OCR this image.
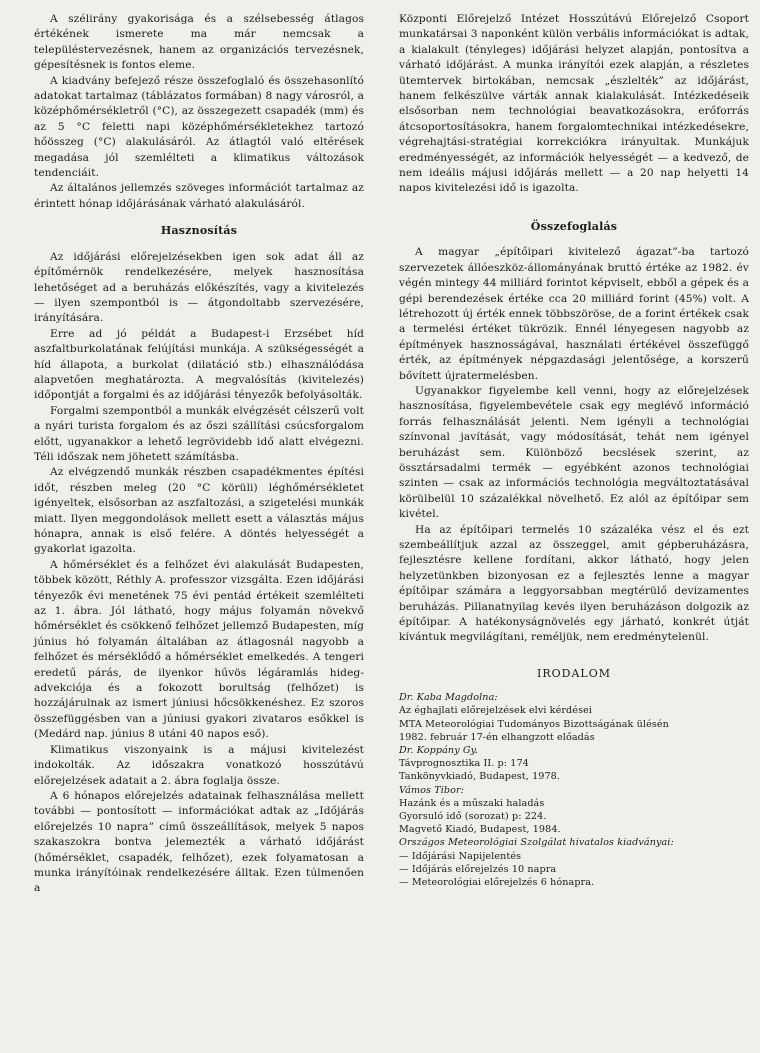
A szélirány gyakorisága és a szélsebesség átlagos értékének ismerete ma már nemcsak a településtervezésnek, hanem az organizációs tervezésnek, gépesítésnek is fontos eleme.

A kiadvány befejező része összefoglaló és összehasonlító adatokat tartalmaz (táblázatos formában) 8 nagy városról, a középhőmérsékletről (°C), az összegezett csapadék (mm) és az 5 °C feletti napi középhőmérsékletekhez tartozó hőösszeg (°C) alakulásáról. Az átlagtól való eltérések megadása jól szemlélteti a klimatikus változások tendenciáit.

Az általános jellemzés szöveges információt tartalmaz az érintett hónap időjárásának várható alakulásáról.

Hasznosítás

Az időjárási előrejelzésekben igen sok adat áll az építőmérnök rendelkezésére, melyek hasznosítása lehetőséget ad a beruházás előkészítés, vagy a kivitelezés — ilyen szempontból is — átgondoltabb szervezésére, irányítására.

Erre ad jó példát a Budapest-i Erzsébet híd aszfaltburkolatának felújítási munkája. A szükségességét a híd állapota, a burkolat (dilatáció stb.) elhasználódása alapvetően meghatározta. A megvalósítás (kivitelezés) időpontját a forgalmi és az időjárási tényezők befolyásolták.

Forgalmi szempontból a munkák elvégzését célszerű volt a nyári turista forgalom és az őszi szállítási csúcsforgalom előtt, ugyanakkor a lehető legrövidebb idő alatt elvégezni. Téli időszak nem jöhetett számításba.

Az elvégzendő munkák részben csapadékmentes építési időt, részben meleg (20 °C körüli) léghőmérsékletet igényeltek, elsősorban az aszfaltozási, a szigetelési munkák miatt. Ilyen meggondolások mellett esett a választás május hónapra, annak is első felére. A döntés helyességét a gyakorlat igazolta.

A hőmérséklet és a felhőzet évi alakulását Budapesten, többek között, Réthly A. professzor vizsgálta. Ezen időjárási tényezők évi menetének 75 évi pentád értékeit szemlélteti az 1. ábra. Jól látható, hogy május folyamán növekvő hőmérséklet és csökkenő felhőzet jellemző Budapesten, míg június hó folyamán általában az átlagosnál nagyobb a felhőzet és mérséklődő a hőmérséklet emelkedés. A tengeri eredetű párás, de ilyenkor hűvös légáramlás hideg-advekciója és a fokozott borultság (felhőzet) is hozzájárulnak az ismert júniusi hőcsökkenéshez. Ez szoros összefüggésben van a júniusi gyakori zivataros esőkkel is (Medárd nap. június 8 utáni 40 napos eső).

Klimatikus viszonyaink is a májusi kivitelezést indokolták. Az időszakra vonatkozó hosszútávú előrejelzések adatait a 2. ábra foglalja össze.

A 6 hónapos előrejelzés adatainak felhasználása mellett további — pontosított — információkat adtak az „Időjárás előrejelzés 10 napra” című összeállítások, melyek 5 napos szakaszokra bontva jelemezték a várható időjárást (hőmérséklet, csapadék, felhőzet), ezek folyamatosan a munka irányítóinak rendelkezésére álltak. Ezen túlmenően a

Központi Előrejelző Intézet Hosszútávú Előrejelző Csoport munkatársai 3 naponként külön verbális információkat is adtak, a kialakult (tényleges) időjárási helyzet alapján, pontosítva a várható időjárást. A munka irányítói ezek alapján, a részletes ütemtervek birtokában, nemcsak „észlelték” az időjárást, hanem felkészülve várták annak kialakulását. Intézkedéseik elsősorban nem technológiai beavatkozásokra, erőforrás átcsoportosításokra, hanem forgalomtechnikai intézkedésekre, végrehajtási-stratégiai korrekciókra irányultak. Munkájuk eredményességét, az információk helyességét — a kedvező, de nem ideális májusi időjárás mellett — a 20 nap helyetti 14 napos kivitelezési idő is igazolta.

Összefoglalás

A magyar „építőipari kivitelező ágazat”-ba tartozó szervezetek állóeszköz-állományának bruttó értéke az 1982. év végén mintegy 44 milliárd forintot képviselt, ebből a gépek és a gépi berendezések értéke cca 20 milliárd forint (45%) volt. A létrehozott új érték ennek többszöröse, de a forint értékek csak a termelési értéket tükrözik. Ennél lényegesen nagyobb az építmények hasznosságával, használati értékével összefüggő érték, az építmények népgazdasági jelentősége, a korszerű bővített újratermelésben.

Ugyanakkor figyelembe kell venni, hogy az előrejelzések hasznosítása, figyelembevétele csak egy meglévő információ forrás felhasználását jelenti. Nem igényli a technológiai színvonal javítását, vagy módosítását, tehát nem igényel beruházást sem. Különböző becslések szerint, az össztársadalmi termék — egyébként azonos technológiai szinten — csak az információs technológia megváltoztatásával körülbelül 10 százalékkal növelhető. Ez alól az építőipar sem kivétel.

Ha az építőipari termelés 10 százaléka vész el és ezt szembeállítjuk azzal az összeggel, amit gépberuházásra, fejlesztésre kellene fordítani, akkor látható, hogy jelen helyzetünkben bizonyosan ez a fejlesztés lenne a magyar építőipar számára a leggyorsabban megtérülő devizamentes beruházás. Pillanatnyilag kevés ilyen beruházáson dolgozik az építőipar. A hatékonyságnövelés egy járható, konkrét útját kívántuk megvilágítani, reméljük, nem eredménytelenül.

IRODALOM
Dr. Kaba Magdolna:
Az éghajlati előrejelzések elvi kérdései
MTA Meteorológiai Tudományos Bizottságának ülésén
1982. február 17-én elhangzott előadás
Dr. Koppány Gy.
Távprognosztika II. p: 174
Tankönyvkiadó, Budapest, 1978.
Vámos Tibor:
Hazánk és a műszaki haladás
Gyorsuló idő (sorozat) p: 224.
Magvető Kiadó, Budapest, 1984.
Országos Meteorológiai Szolgálat hivatalos kiadványai:
— Időjárási Napijelentés
— Időjárás előrejelzés 10 napra
— Meteorológiai előrejelzés 6 hónapra.
